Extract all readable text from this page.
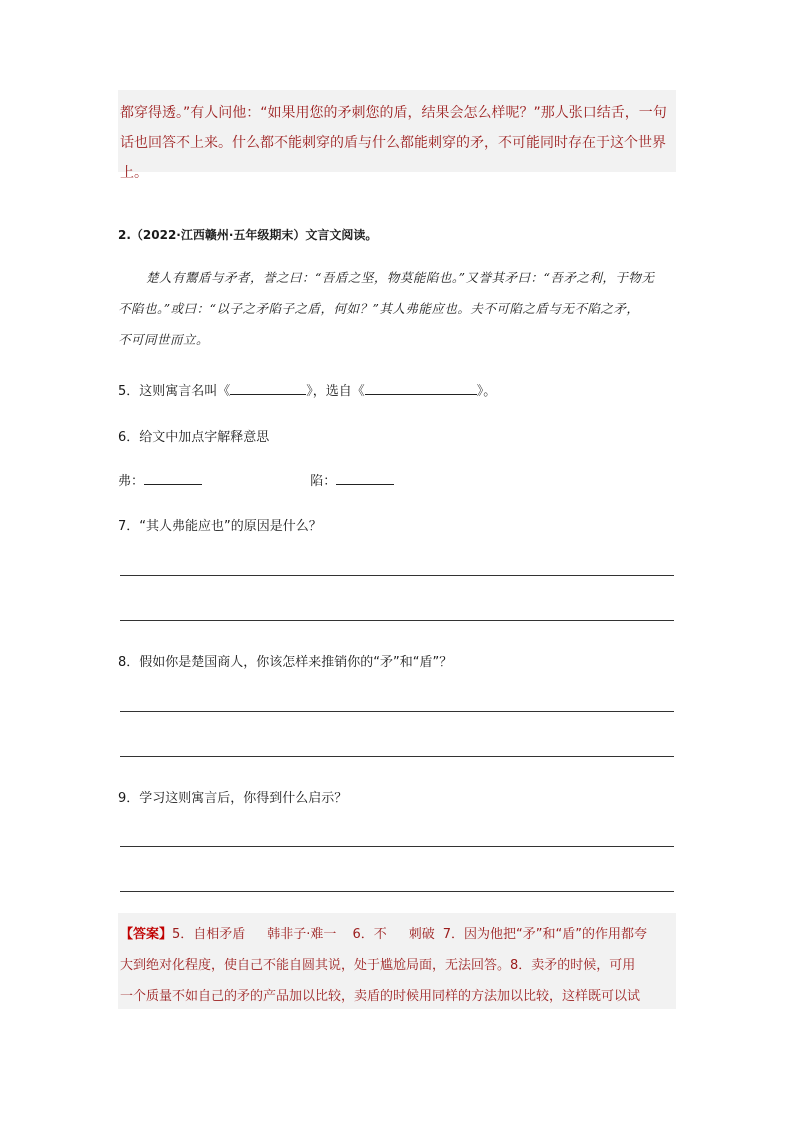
都穿得透。”有人问他：“如果用您的矛刺您的盾，结果会怎么样呢？”那人张口结舌，一句
话也回答不上来。什么都不能刺穿的盾与什么都能刺穿的矛，不可能同时存在于这个世界上。
2.（2022·江西赣州·五年级期末）文言文阅读。
楚人有鬻盾与矛者，誉之曰：“吾盾之坚，物莫能陷也。”又誉其矛曰：“吾矛之利，于物无
不陷也。”或曰：“以子之矛陷子之盾，何如？”其人弗能应也。夫不可陷之盾与无不陷之矛，
不可同世而立。
5．这则寓言名叫《	》，选自《	》。
6．给文中加点字解释意思
弗：	陷：
7．“其人弗能应也”的原因是什么？
8．假如你是楚国商人，你该怎样来推销你的“矛”和“盾”？
9．学习这则寓言后，你得到什么启示？
【答案】5．自相矛盾 韩非子·难一 6．不 刺破 7．因为他把“矛”和“盾”的作用都夸
大到绝对化程度，使自己不能自圆其说，处于尴尬局面，无法回答。8．卖矛的时候，可用
一个质量不如自己的矛的产品加以比较，卖盾的时候用同样的方法加以比较，这样既可以试
